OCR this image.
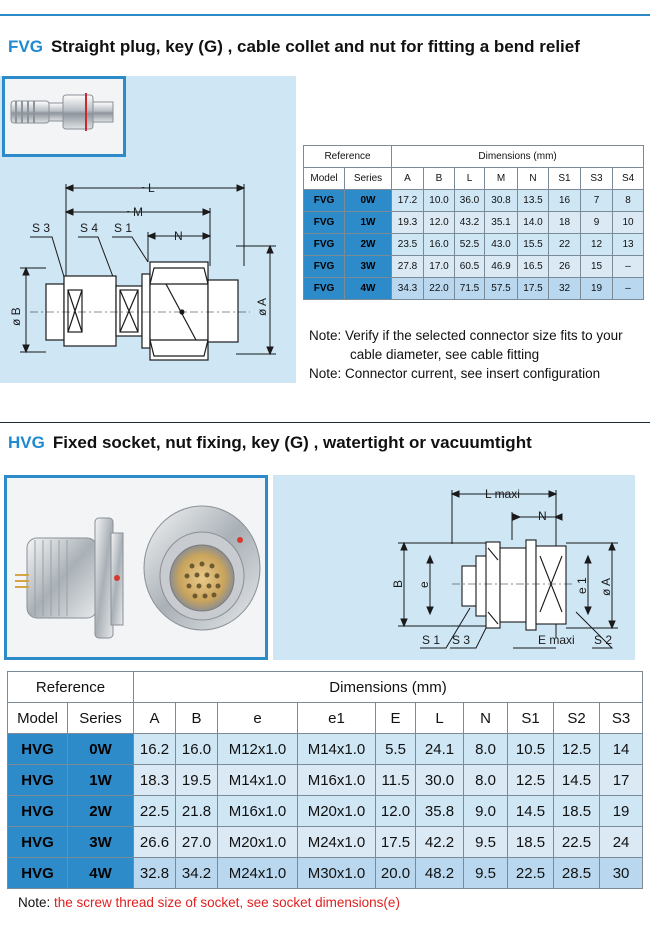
FVG Straight plug, key (G) , cable collet and nut for fitting a bend relief
~L
~M
N
S 3 S 4 S 1
ø B
ø A
Reference		Dimensions (mm)							
Model	Series	A	B	L	M	N	S1	S3	S4
FVG	0W	17.2	10.0	36.0	30.8	13.5	16	7	8
FVG	1W	19.3	12.0	43.2	35.1	14.0	18	9	10
FVG	2W	23.5	16.0	52.5	43.0	15.5	22	12	13
FVG	3W	27.8	17.0	60.5	46.9	16.5	26	15	–
FVG	4W	34.3	22.0	71.5	57.5	17.5	32	19	–
Note: Verify if the selected connector size fits to your
cable diameter, see cable fitting
Note: Connector current, see insert configuration
HVG Fixed socket, nut fixing, key (G) , watertight or vacuumtight
L maxi
N
B e	e 1 ø A
S 1 S 3	E maxi S 2
Reference		Dimensions (mm)									
Model	Series	A	B	e	e1	E	L	N	S1	S2	S3
HVG	0W	16.2	16.0	M12x1.0	M14x1.0	5.5	24.1	8.0	10.5	12.5	14
HVG	1W	18.3	19.5	M14x1.0	M16x1.0	11.5	30.0	8.0	12.5	14.5	17
HVG	2W	22.5	21.8	M16x1.0	M20x1.0	12.0	35.8	9.0	14.5	18.5	19
HVG	3W	26.6	27.0	M20x1.0	M24x1.0	17.5	42.2	9.5	18.5	22.5	24
HVG	4W	32.8	34.2	M24x1.0	M30x1.0	20.0	48.2	9.5	22.5	28.5	30
Note: the screw thread size of socket, see socket dimensions(e)
